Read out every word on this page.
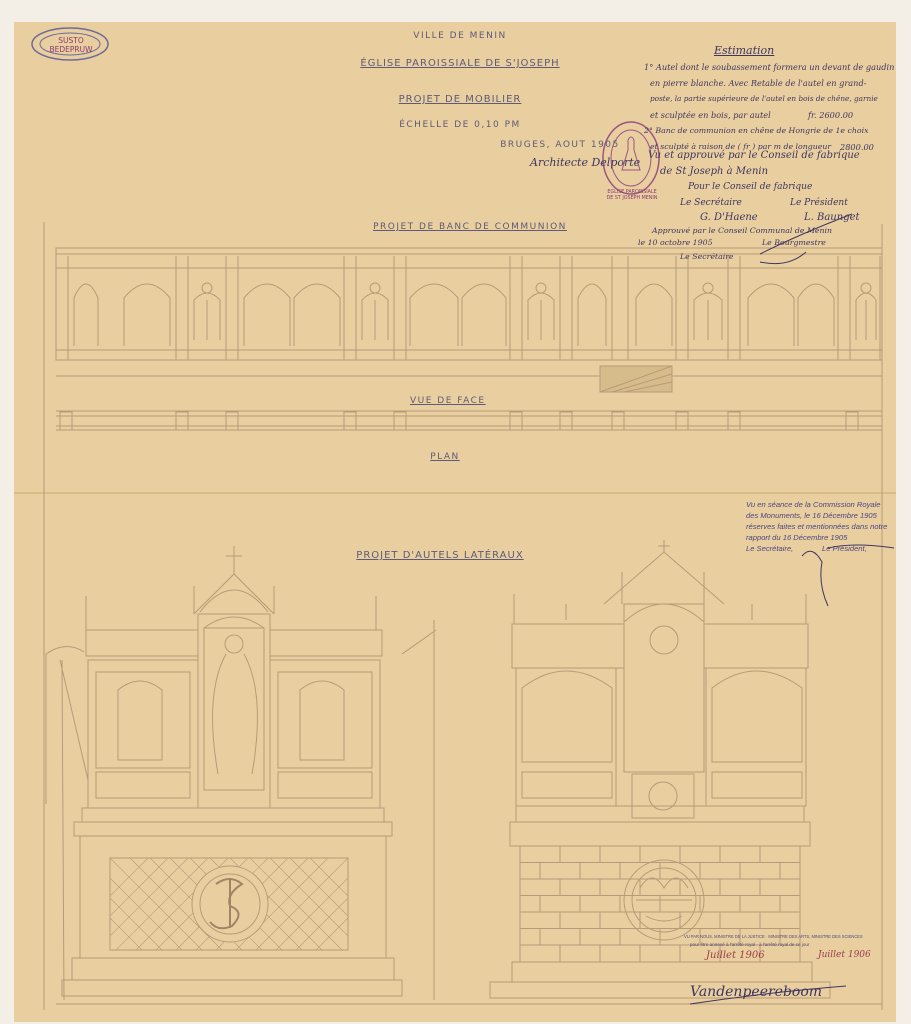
VILLE DE MENIN
ÉGLISE PAROISSIALE DE S'JOSEPH
PROJET DE MOBILIER
ÉCHELLE DE 0,10 PM
BRUGES, AOUT 1905
Architecte Delporte
SUSTO BEDEPRUW
EGLISE PAROISSIALE DE ST JOSEPH MENIN
Estimation
1° Autel dont le soubassement formera un devant de gaudin
en pierre blanche. Avec Retable de l'autel en grand-
poste, la partie supérieure de l'autel en bois de chêne, garnie
et sculptée en bois, par autel	fr. 2600.00
2° Banc de communion en chêne de Hongrie de 1e choix
et sculpté à raison de ( fr ) par m de longueur 2800.00
Vu et approuvé par le Conseil de fabrique
de St Joseph à Menin
Pour le Conseil de fabrique
Le Secrétaire	Le Président
G. D'Haene	L. Baunget
Approuvé par le Conseil Communal de Menin
le 10 octobre 1905	Le Bourgmestre
Le Secrétaire
PROJET DE BANC DE COMMUNION
VUE DE FACE
PLAN
PROJET D'AUTELS LATÉRAUX
Vu en séance de la Commission Royale
des Monuments, le 16 Décembre 1905
réserves faites et mentionnées dans notre
rapport du 16 Décembre 1905
Le Secrétaire,	Le Président,
VU PAR NOUS, MINISTRE DE LA JUSTICE · MINISTRE DES ARTS, MINISTRE DES SCIENCES
pour être annexé à l'arrêté royal · à l'arrêté royal de ce jour
Juillet 1906	Juillet 1906
Vandenpeereboom
